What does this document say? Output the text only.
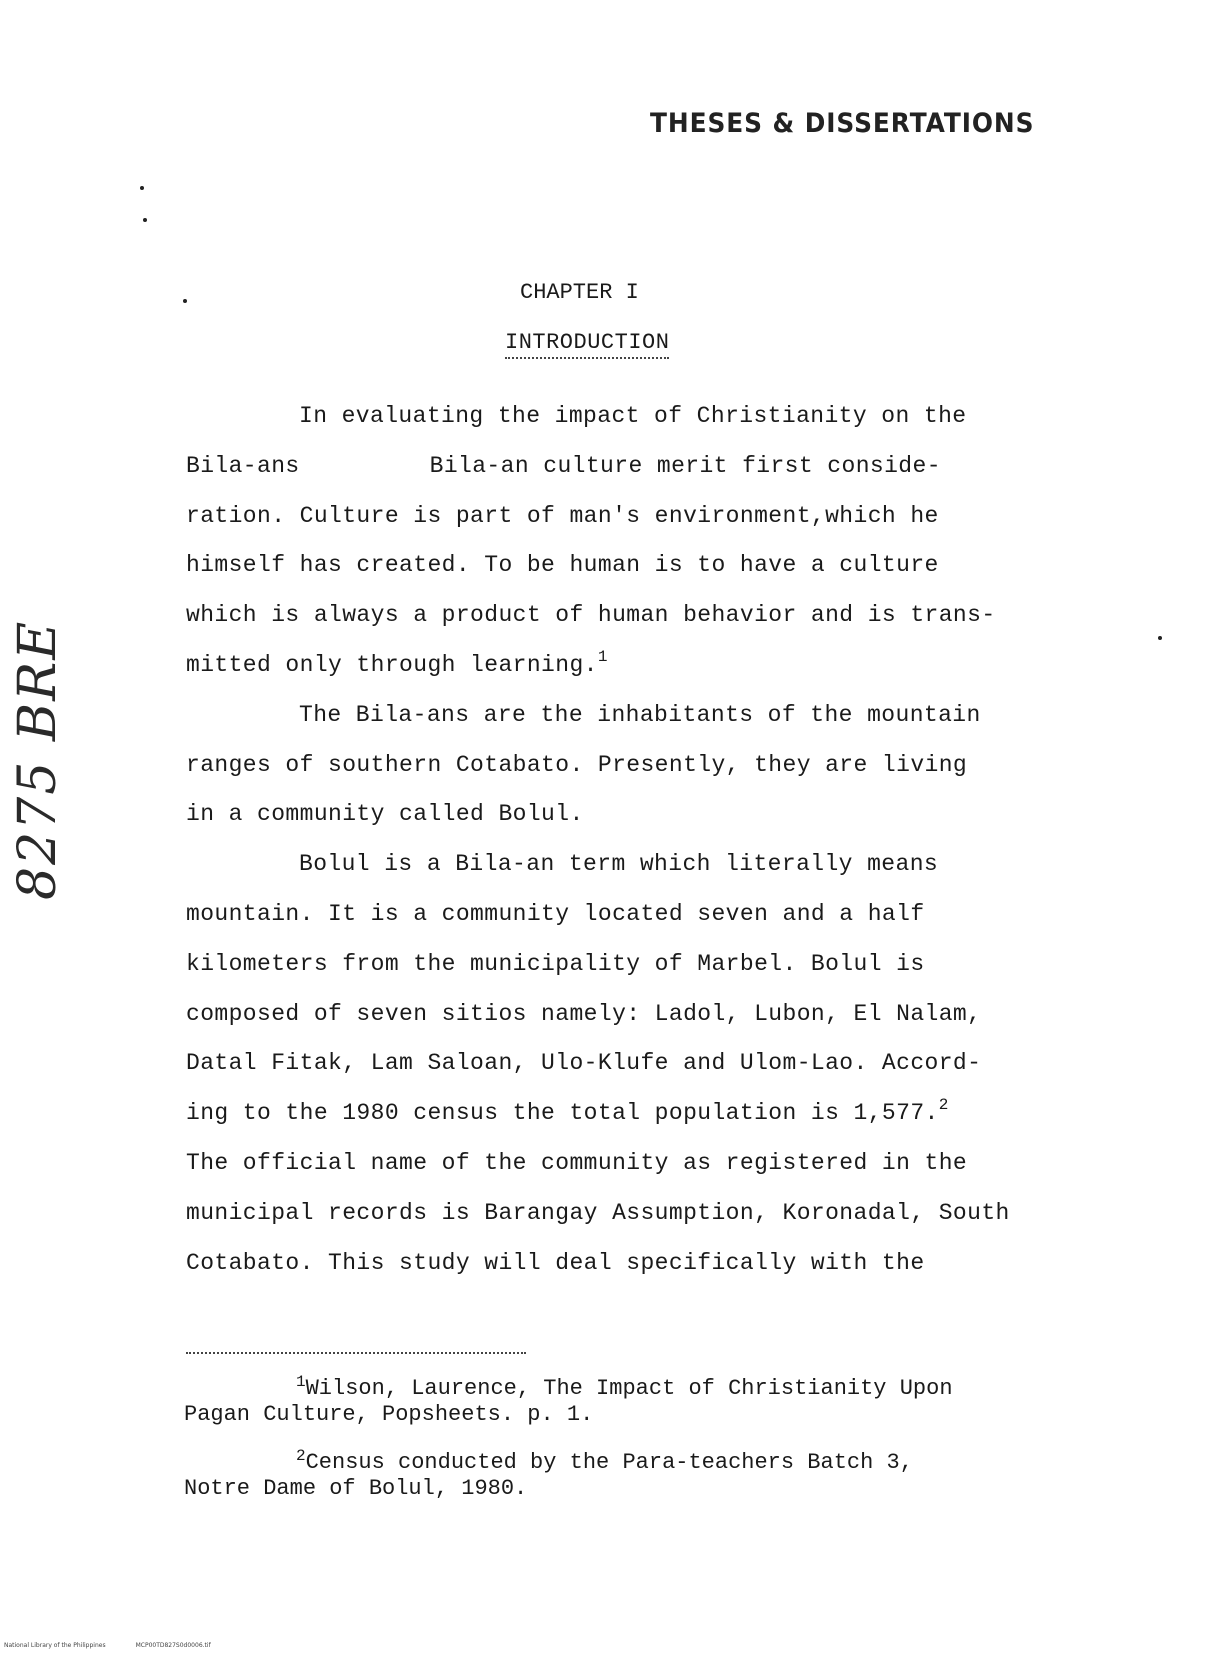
THESES & DISSERTATIONS
8275 BRE
CHAPTER I
INTRODUCTION

In evaluating the impact of Christianity on the

Bila-ans	Bila-an culture merit first conside-

ration. Culture is part of man's environment,which he

himself has created. To be human is to have a culture

which is always a product of human behavior and is trans-

mitted only through learning.$^1$

The Bila-ans are the inhabitants of the mountain

ranges of southern Cotabato. Presently, they are living

in a community called Bolul.

Bolul is a Bila-an term which literally means

mountain. It is a community located seven and a half

kilometers from the municipality of Marbel. Bolul is

composed of seven sitios namely: Ladol, Lubon, El Nalam,

Datal Fitak, Lam Saloan, Ulo-Klufe and Ulom-Lao. Accord-

ing to the 1980 census the total population is 1,577.$^2$

The official name of the community as registered in the

municipal records is Barangay Assumption, Koronadal, South

Cotabato. This study will deal specifically with the

$^1$Wilson, Laurence, The Impact of Christianity Upon
Pagan Culture, Popsheets. p. 1.
$^2$Census conducted by the Para-teachers Batch 3,
Notre Dame of Bolul, 1980.
National Library of the Philippines	MCP00TD827S0d0006.tif
